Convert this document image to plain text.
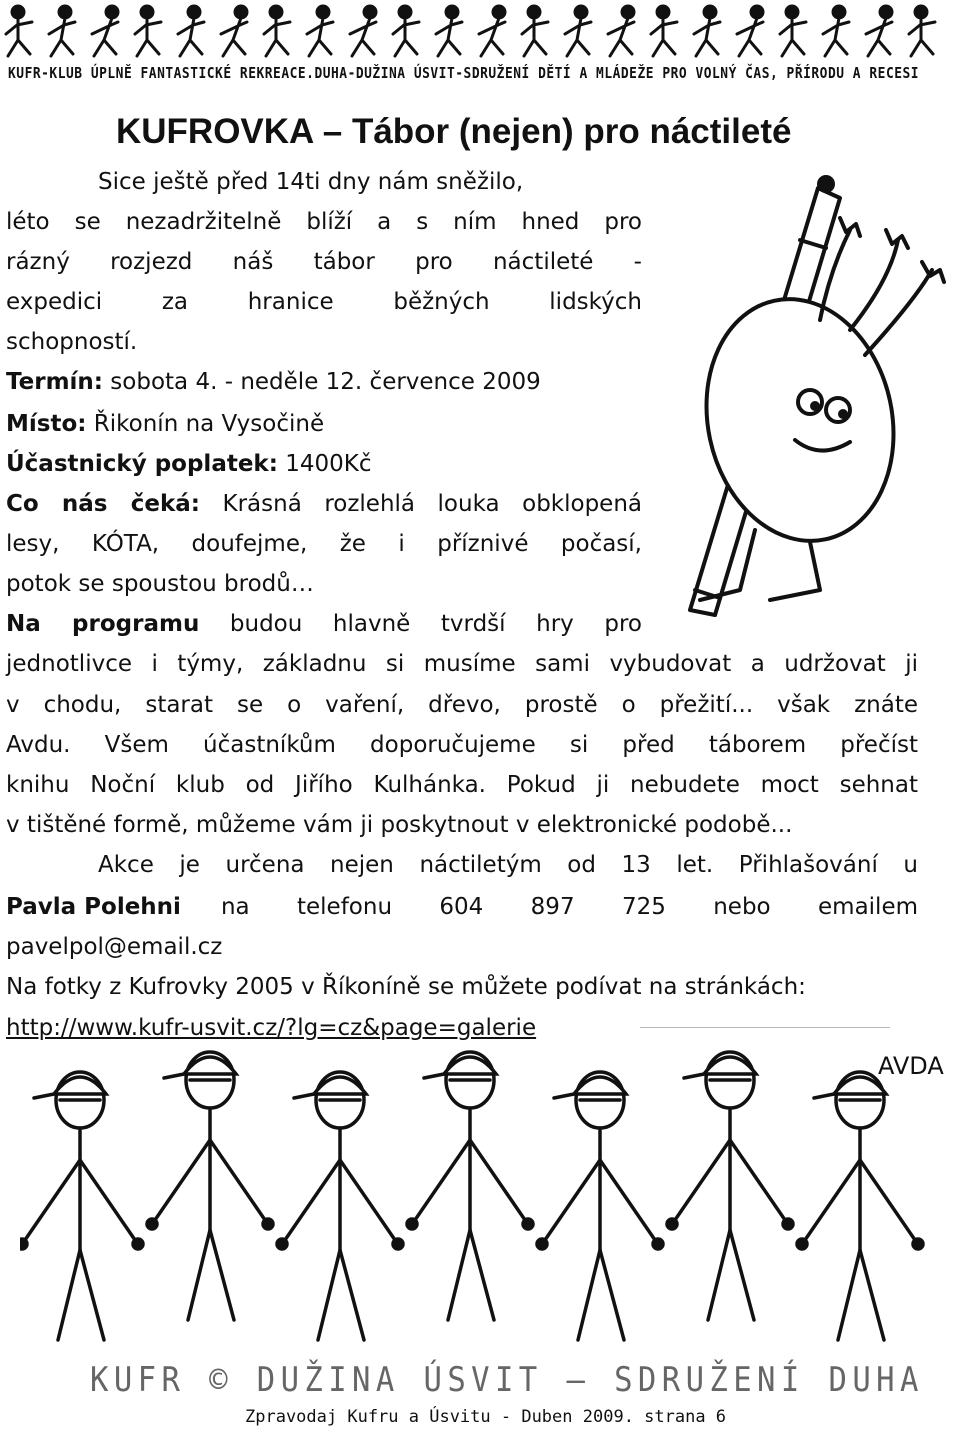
KUFR-KLUB ÚPLNĚ FANTASTICKÉ REKREACE.DUHA-DUŽINA ÚSVIT-SDRUŽENÍ DĚTÍ A MLÁDEŽE PRO VOLNÝ ČAS, PŘÍRODU A RECESI
KUFROVKA – Tábor (nejen) pro náctileté
Sice ještě před 14ti dny nám sněžilo,
léto se nezadržitelně blíží a s ním hned pro
rázný rozjezd náš tábor pro náctileté -
expedici za hranice běžných lidských
schopností.
Termín: sobota 4. - neděle 12. července 2009
Místo: Řikonín na Vysočině
Účastnický poplatek: 1400Kč
Co nás čeká: Krásná rozlehlá louka obklopená
lesy, KÓTA, doufejme, že i příznivé počasí,
potok se spoustou brodů…
Na programu budou hlavně tvrdší hry pro
jednotlivce i týmy, základnu si musíme sami vybudovat a udržovat ji
v chodu, starat se o vaření, dřevo, prostě o přežití... však znáte
Avdu. Všem účastníkům doporučujeme si před táborem přečíst
knihu Noční klub od Jiřího Kulhánka. Pokud ji nebudete moct sehnat
v tištěné formě, můžeme vám ji poskytnout v elektronické podobě...
Akce je určena nejen náctiletým od 13 let. Přihlašování u
Pavla Polehni	na telefonu 604 897 725 nebo emailem
pavelpol@email.cz
Na fotky z Kufrovky 2005 v Říkoníně se můžete podívat na stránkách:
http://www.kufr-usvit.cz/?lg=cz&page=galerie
AVDA
KUFR © DUŽINA ÚSVIT – SDRUŽENÍ DUHA
Zpravodaj Kufru a Úsvitu - Duben 2009. strana 6
